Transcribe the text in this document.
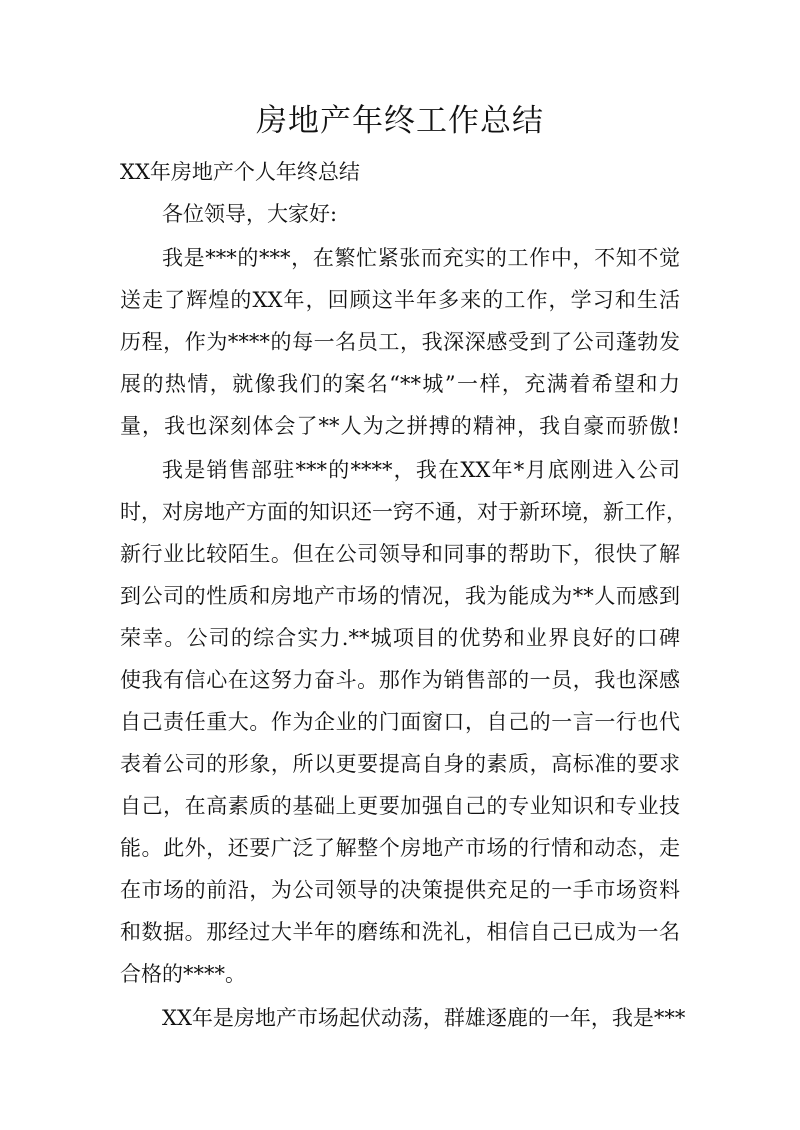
房地产年终工作总结

XX年房地产个人年终总结

各位领导，大家好:

我是***的***，在繁忙紧张而充实的工作中，不知不觉

送走了辉煌的XX年，回顾这半年多来的工作，学习和生活

历程，作为****的每一名员工，我深深感受到了公司蓬勃发

展的热情，就像我们的案名“**城”一样，充满着希望和力

量，我也深刻体会了**人为之拼搏的精神，我自豪而骄傲!

我是销售部驻***的****，我在XX年*月底刚进入公司

时，对房地产方面的知识还一窍不通，对于新环境，新工作，

新行业比较陌生。但在公司领导和同事的帮助下，很快了解

到公司的性质和房地产市场的情况，我为能成为**人而感到

荣幸。公司的综合实力.**城项目的优势和业界良好的口碑

使我有信心在这努力奋斗。那作为销售部的一员，我也深感

自己责任重大。作为企业的门面窗口，自己的一言一行也代

表着公司的形象，所以更要提高自身的素质，高标准的要求

自己，在高素质的基础上更要加强自己的专业知识和专业技

能。此外，还要广泛了解整个房地产市场的行情和动态，走

在市场的前沿，为公司领导的决策提供充足的一手市场资料

和数据。那经过大半年的磨练和洗礼，相信自己已成为一名

合格的****。

XX年是房地产市场起伏动荡，群雄逐鹿的一年，我是***
